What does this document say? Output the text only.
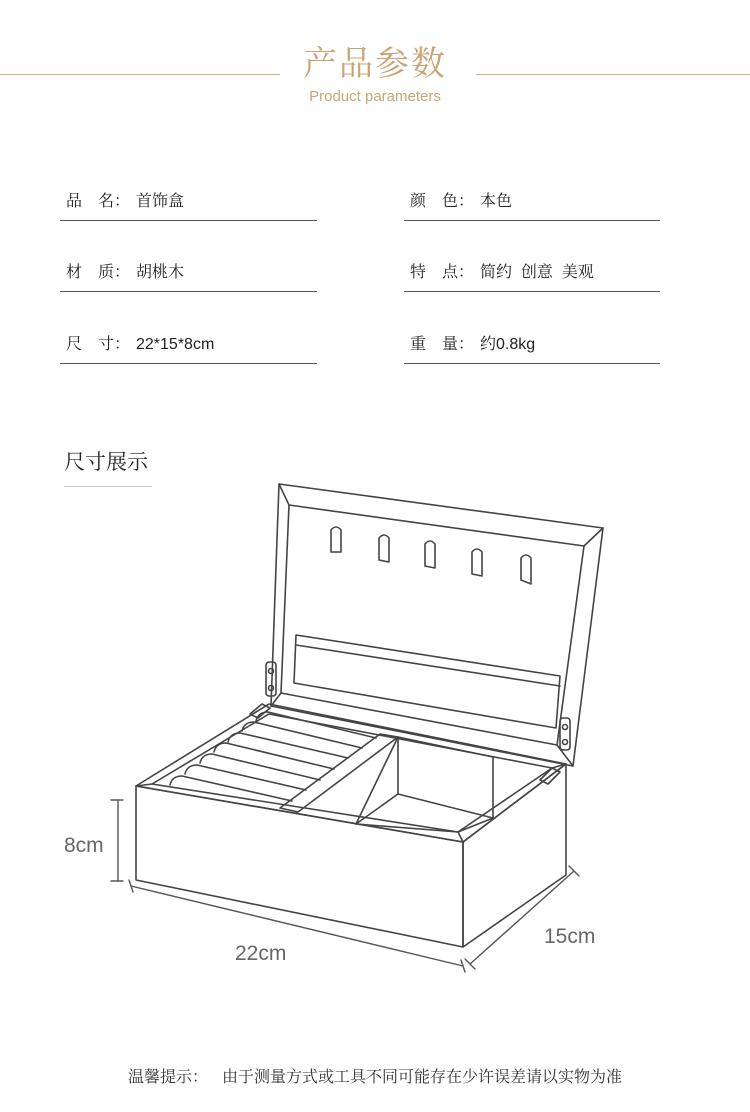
产品参数
Product parameters
品　名： 首饰盒	颜　色： 本色
材　质： 胡桃木	特　点： 简约  创意  美观
尺　寸： 22*15*8cm	重　量： 约0.8kg
尺寸展示
8cm
22cm
15cm
温馨提示： 由于测量方式或工具不同可能存在少许误差请以实物为准
